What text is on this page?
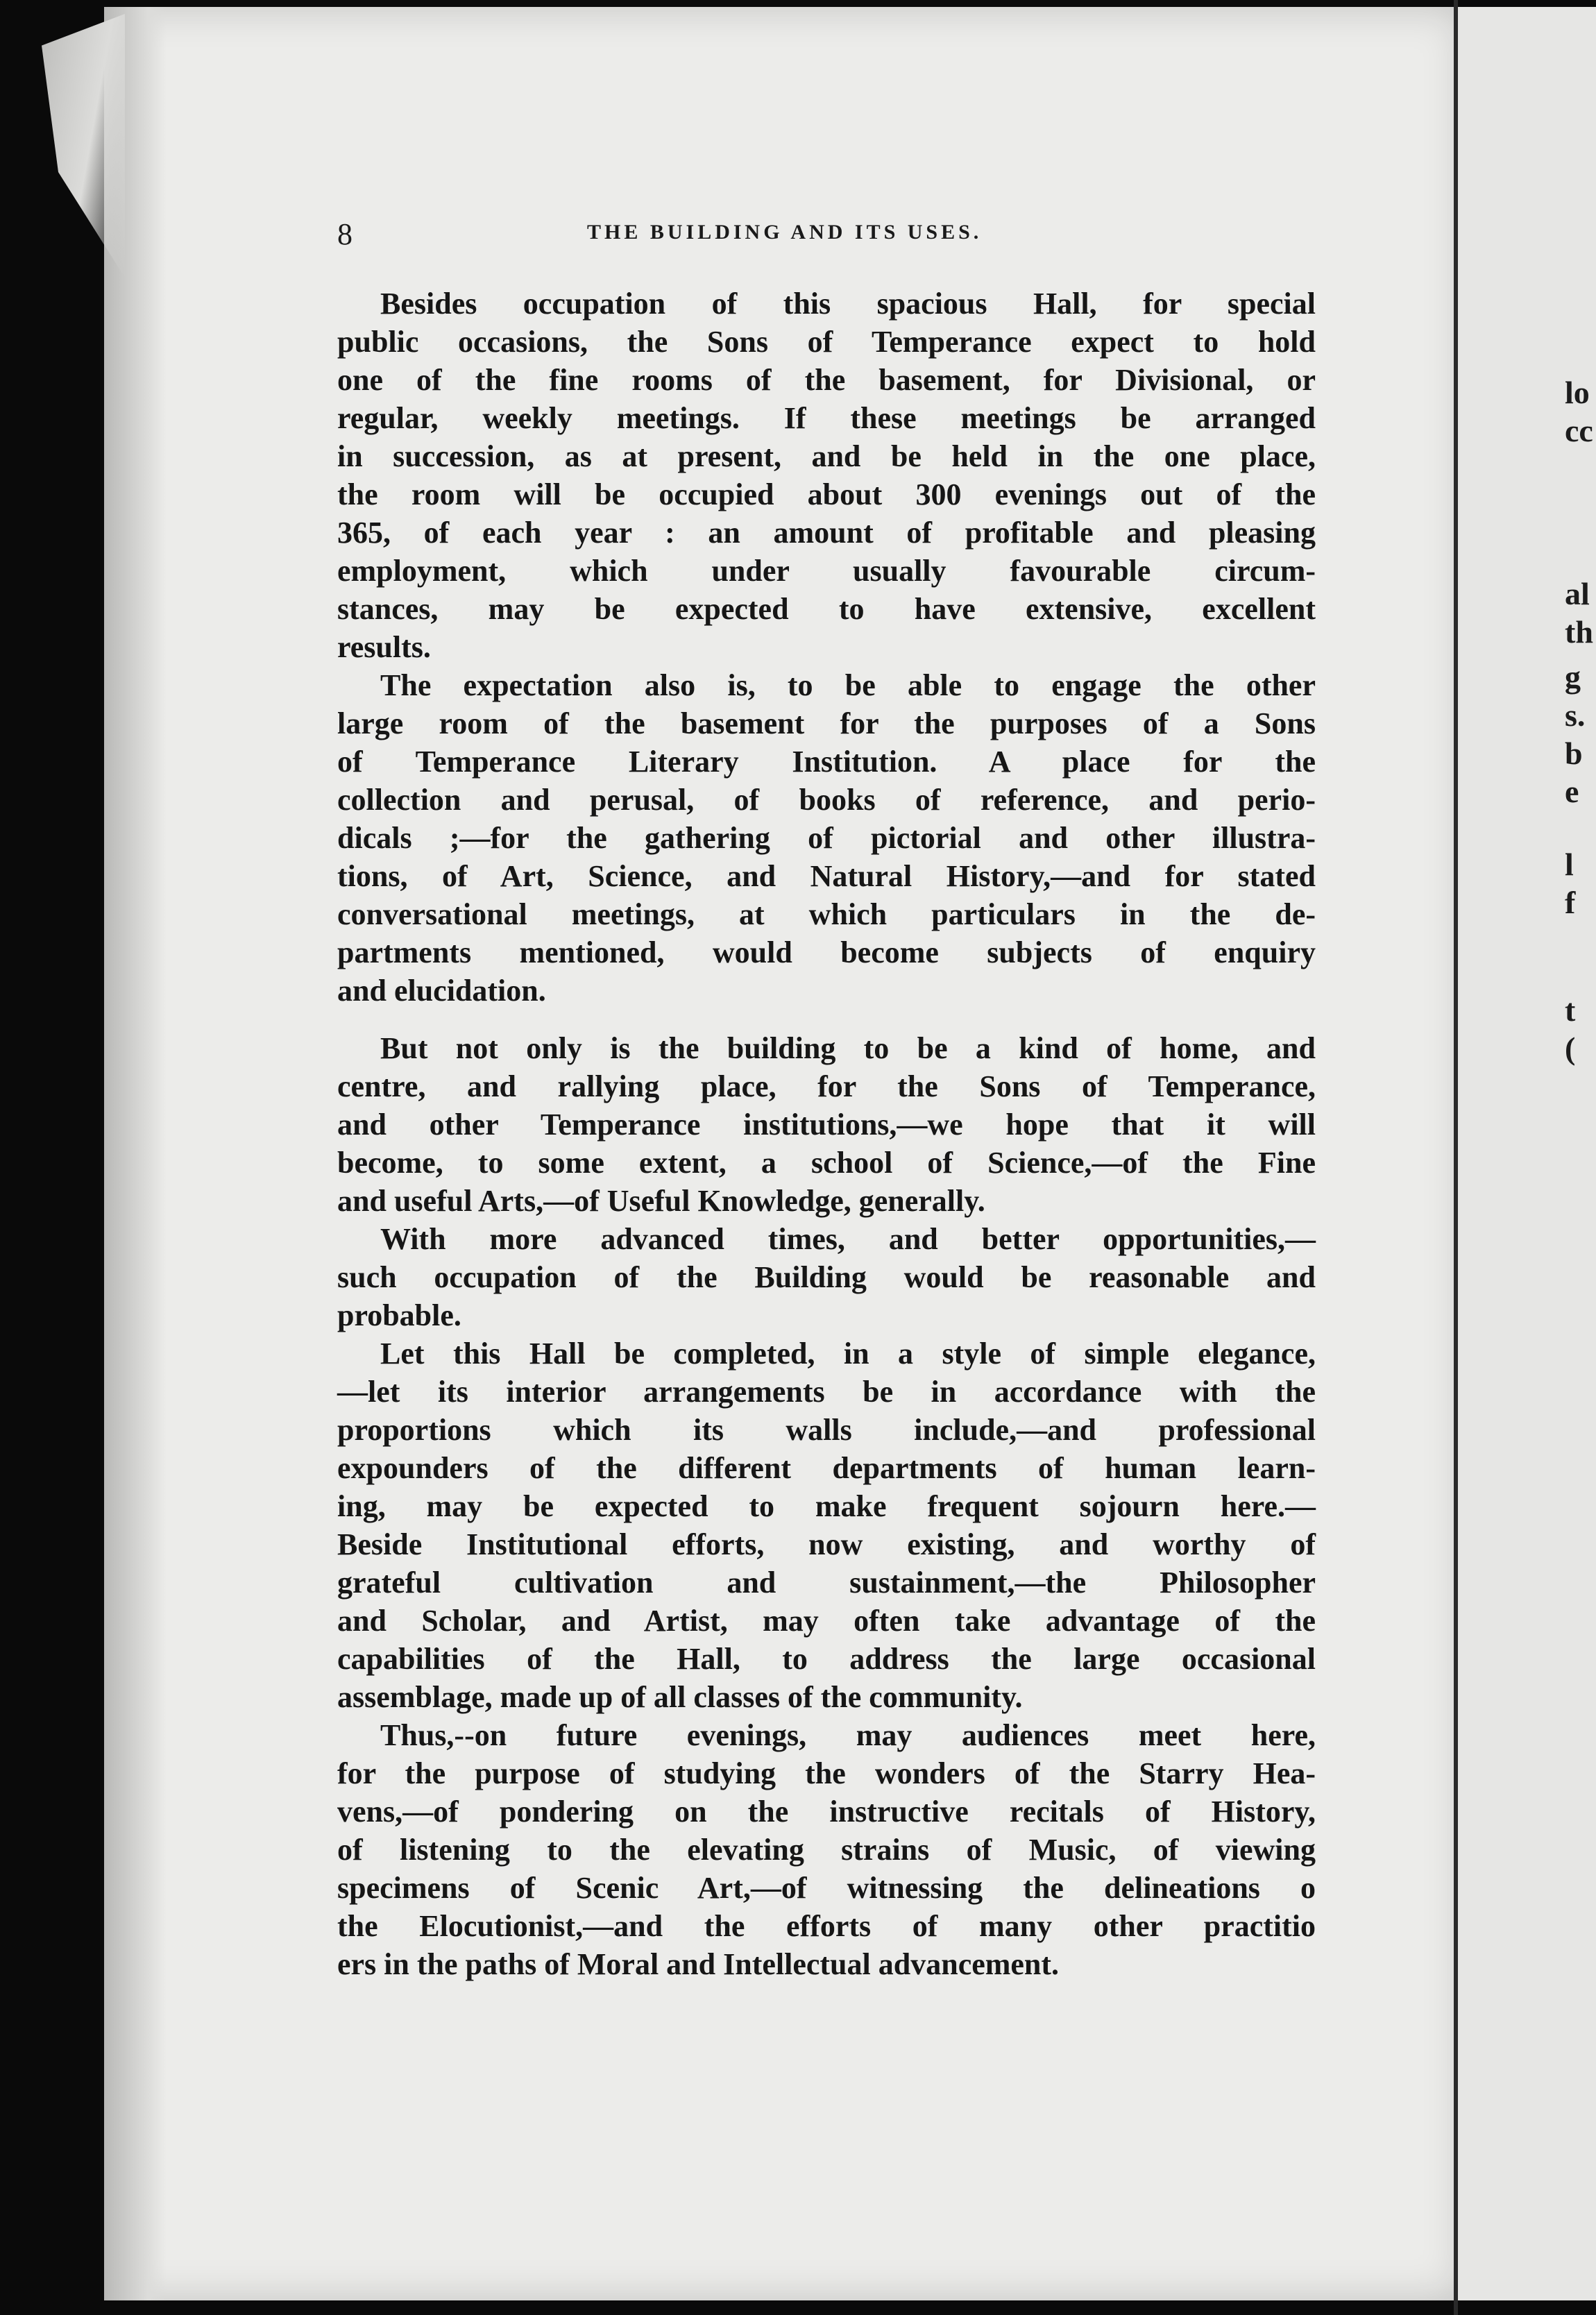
lo
cc
al
th
g
s.
b
e
l
f
t
(
8	THE BUILDING AND ITS USES.
Besides occupation of this spacious Hall, for special
public occasions, the Sons of Temperance expect to hold
one of the fine rooms of the basement, for Divisional, or
regular, weekly meetings. If these meetings be arranged
in succession, as at present, and be held in the one place,
the room will be occupied about 300 evenings out of the
365, of each year : an amount of profitable and pleasing
employment, which under usually favourable circum-
stances, may be expected to have extensive, excellent
results.
The expectation also is, to be able to engage the other
large room of the basement for the purposes of a Sons
of Temperance Literary Institution. A place for the
collection and perusal, of books of reference, and perio-
dicals ;—for the gathering of pictorial and other illustra-
tions, of Art, Science, and Natural History,—and for stated
conversational meetings, at which particulars in the de-
partments mentioned, would become subjects of enquiry
and elucidation.
But not only is the building to be a kind of home, and
centre, and rallying place, for the Sons of Temperance,
and other Temperance institutions,—we hope that it will
become, to some extent, a school of Science,—of the Fine
and useful Arts,—of Useful Knowledge, generally.
With more advanced times, and better opportunities,—
such occupation of the Building would be reasonable and
probable.
Let this Hall be completed, in a style of simple elegance,
—let its interior arrangements be in accordance with the
proportions which its walls include,—and professional
expounders of the different departments of human learn-
ing, may be expected to make frequent sojourn here.—
Beside Institutional efforts, now existing, and worthy of
grateful cultivation and sustainment,—the Philosopher
and Scholar, and Artist, may often take advantage of the
capabilities of the Hall, to address the large occasional
assemblage, made up of all classes of the community.
Thus,--on future evenings, may audiences meet here,
for the purpose of studying the wonders of the Starry Hea-
vens,—of pondering on the instructive recitals of History,
of listening to the elevating strains of Music, of viewing
specimens of Scenic Art,—of witnessing the delineations o
the Elocutionist,—and the efforts of many other practitio
ers in the paths of Moral and Intellectual advancement.
